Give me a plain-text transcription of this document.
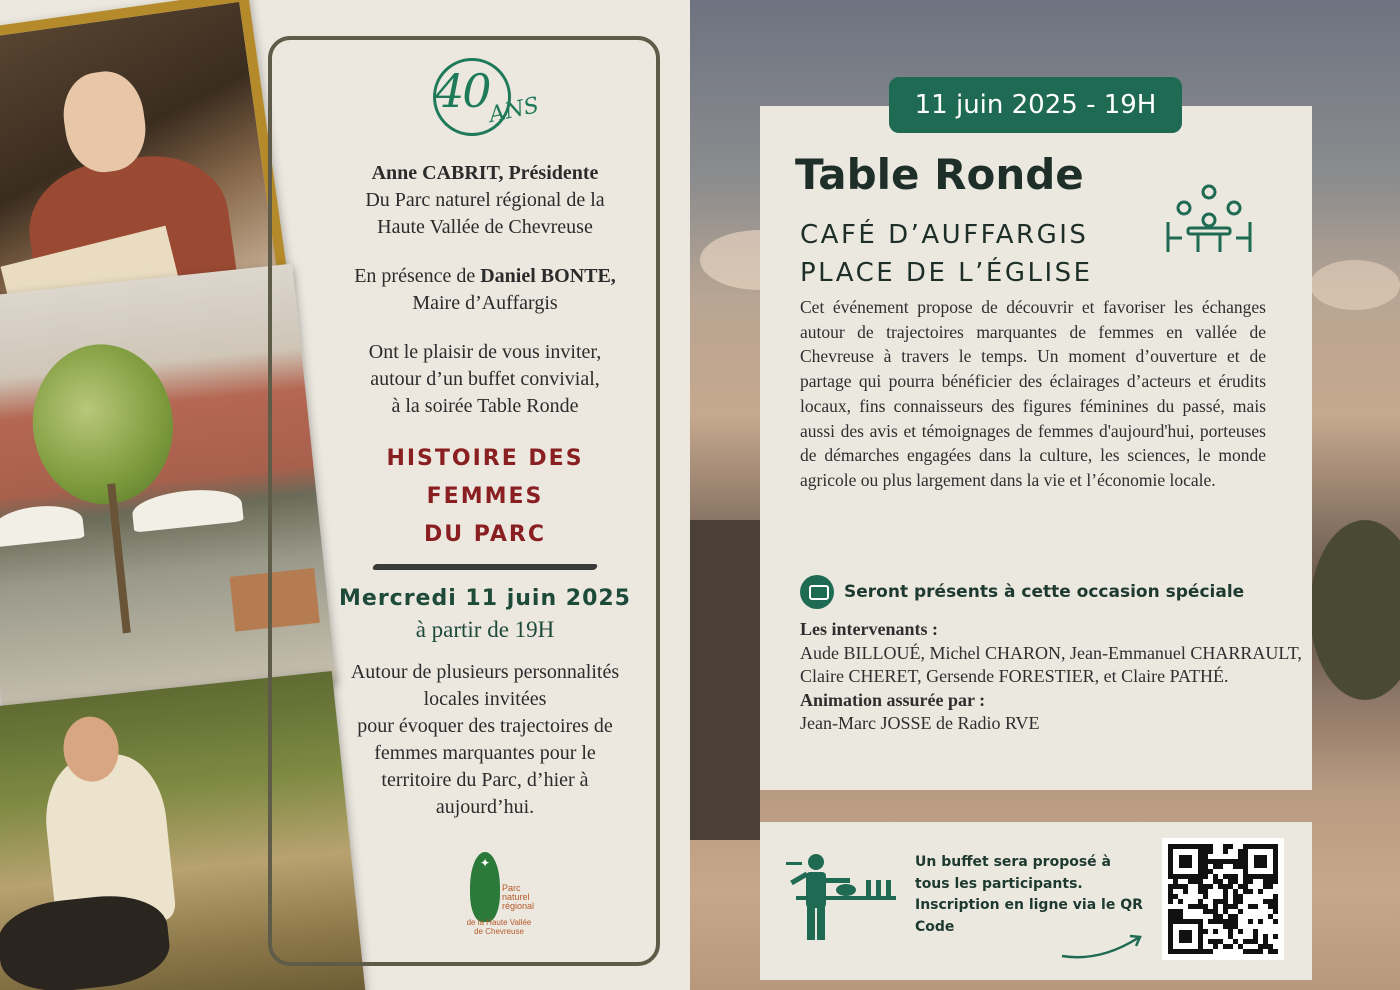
40
ANS
Anne CABRIT, Présidente
Du Parc naturel régional de la
Haute Vallée de Chevreuse
En présence de Daniel BONTE,
Maire d’Auffargis
Ont le plaisir de vous inviter,
autour d’un buffet convivial,
à la soirée Table Ronde
HISTOIRE DES FEMMES
DU PARC
Mercredi 11 juin 2025
à partir de 19H
Autour de plusieurs personnalités
locales invitées
pour évoquer des trajectoires de
femmes marquantes pour le
territoire du Parc, d’hier à
aujourd’hui.
✦
Parc naturel régional
de la Haute Vallée de Chevreuse
11 juin 2025 - 19H
Table Ronde
CAFÉ D’AUFFARGIS
PLACE DE L’ÉGLISE
Cet événement propose de découvrir et favoriser les échanges autour de trajectoires marquantes de femmes en vallée de Chevreuse à travers le temps. Un moment d’ouverture et de partage qui pourra bénéficier des éclairages d’acteurs et érudits locaux, fins connaisseurs des figures féminines du passé, mais aussi des avis et témoignages de femmes d'aujourd'hui, porteuses de démarches engagées dans la culture, les sciences, le monde agricole ou plus largement dans la vie et l’économie locale.
Seront présents à cette occasion spéciale
Les intervenants :
Aude BILLOUÉ, Michel CHARON, Jean-Emmanuel CHARRAULT, Claire CHERET, Gersende FORESTIER, et Claire PATHÉ.
Animation assurée par :
Jean-Marc JOSSE de Radio RVE
Un buffet sera proposé à tous les participants. Inscription en ligne via le QR Code
